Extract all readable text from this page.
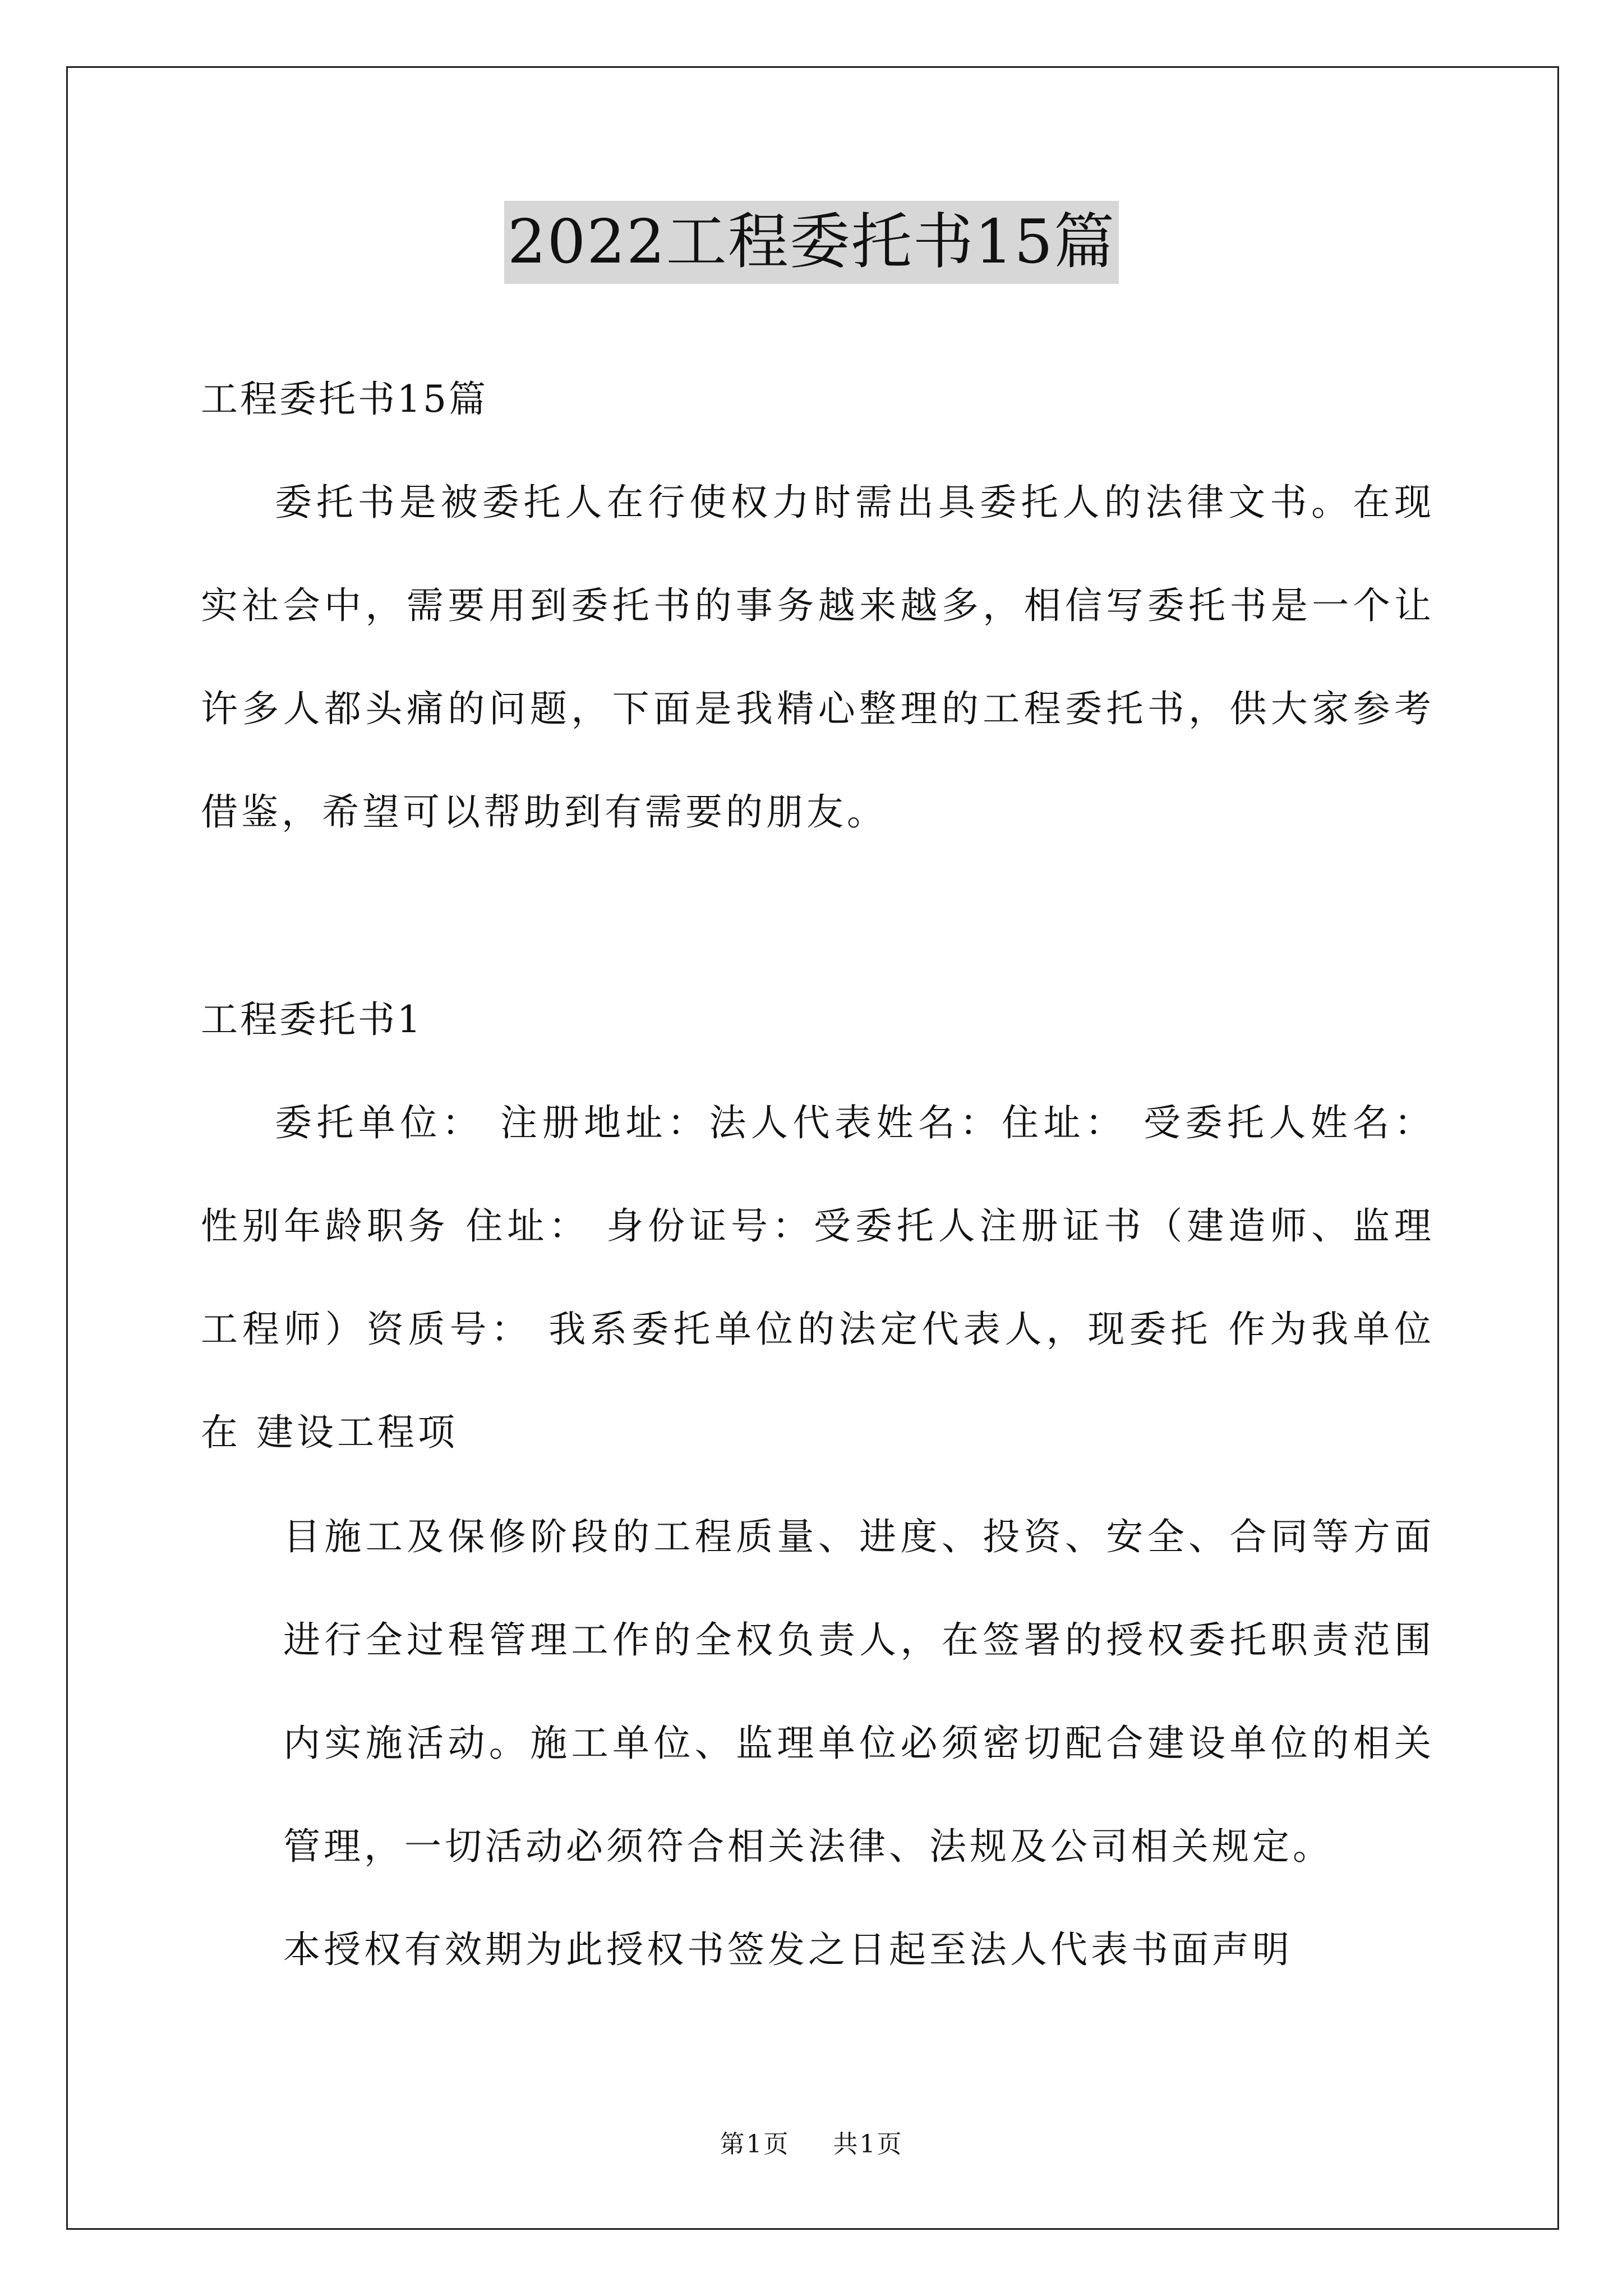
2022工程委托书15篇

工程委托书15篇

委托书是被委托人在行使权力时需出具委托人的法律文书。在现实社会中，需要用到委托书的事务越来越多，相信写委托书是一个让许多人都头痛的问题，下面是我精心整理的工程委托书，供大家参考借鉴，希望可以帮助到有需要的朋友。

工程委托书1

委托单位： 注册地址：法人代表姓名：住址： 受委托人姓名：性别年龄职务 住址： 身份证号：受委托人注册证书（建造师、监理工程师）资质号： 我系委托单位的法定代表人，现委托 作为我单位在 建设工程项

目施工及保修阶段的工程质量、进度、投资、安全、合同等方面进行全过程管理工作的全权负责人，在签署的授权委托职责范围内实施活动。施工单位、监理单位必须密切配合建设单位的相关管理，一切活动必须符合相关法律、法规及公司相关规定。

本授权有效期为此授权书签发之日起至法人代表书面声明

第1页 共1页
